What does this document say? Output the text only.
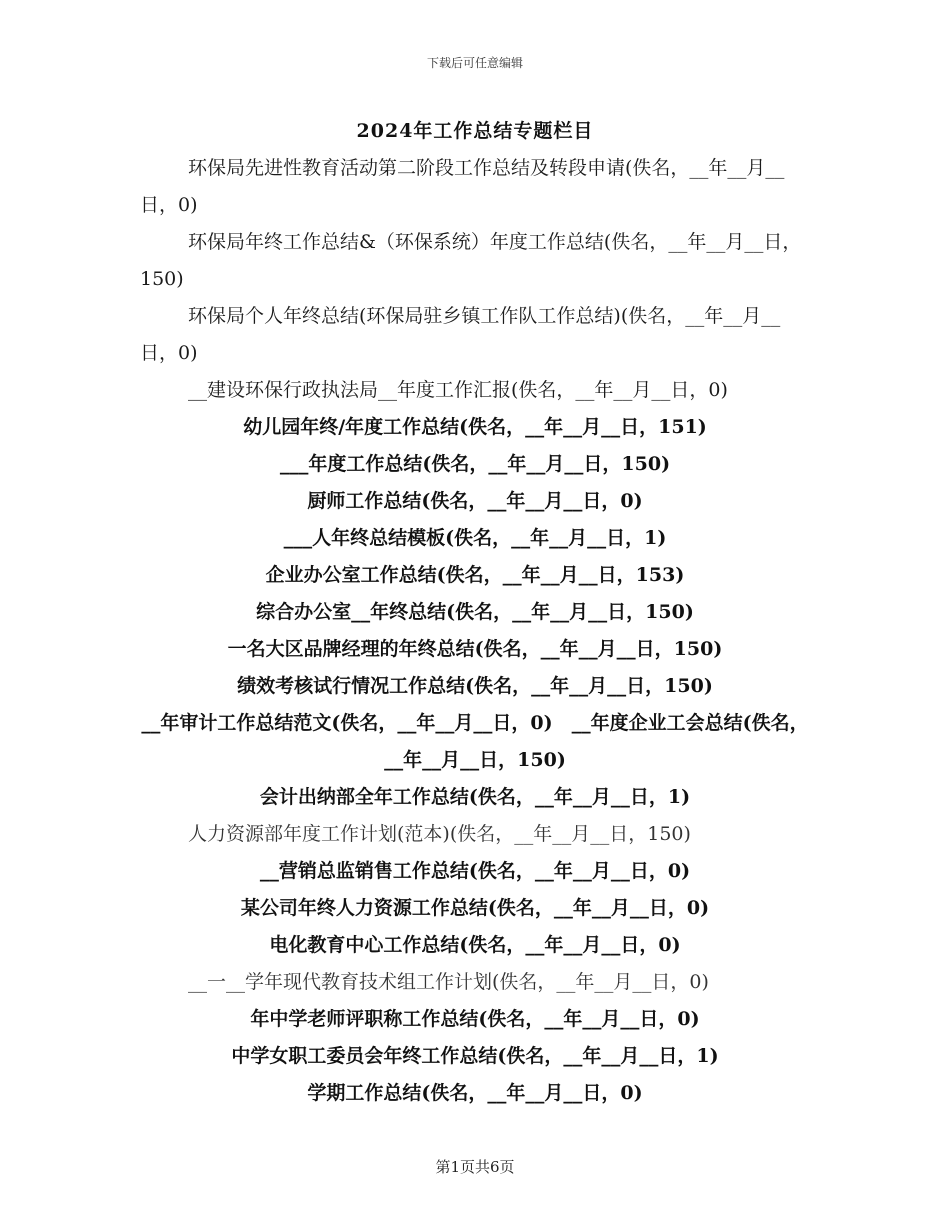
下载后可任意编辑
2024年工作总结专题栏目

环保局先进性教育活动第二阶段工作总结及转段申请(佚名，__年__月__日，0)

环保局年终工作总结&（环保系统）年度工作总结(佚名，__年__月__日，150)

环保局个人年终总结(环保局驻乡镇工作队工作总结)(佚名，__年__月__日，0)

__建设环保行政执法局__年度工作汇报(佚名，__年__月__日，0)

幼儿园年终/年度工作总结(佚名，__年__月__日，151)

___年度工作总结(佚名，__年__月__日，150)

厨师工作总结(佚名，__年__月__日，0)

___人年终总结模板(佚名，__年__月__日，1)

企业办公室工作总结(佚名，__年__月__日，153)

综合办公室__年终总结(佚名，__年__月__日，150)

一名大区品牌经理的年终总结(佚名，__年__月__日，150)

绩效考核试行情况工作总结(佚名，__年__月__日，150)

__年审计工作总结范文(佚名，__年__月__日，0)　__年度企业工会总结(佚名，__年__月__日，150)

会计出纳部全年工作总结(佚名，__年__月__日，1)

人力资源部年度工作计划(范本)(佚名，__年__月__日，150)

__营销总监销售工作总结(佚名，__年__月__日，0)

某公司年终人力资源工作总结(佚名，__年__月__日，0)

电化教育中心工作总结(佚名，__年__月__日，0)

__一__学年现代教育技术组工作计划(佚名，__年__月__日，0)

年中学老师评职称工作总结(佚名，__年__月__日，0)

中学女职工委员会年终工作总结(佚名，__年__月__日，1)

学期工作总结(佚名，__年__月__日，0)

第1页共6页
